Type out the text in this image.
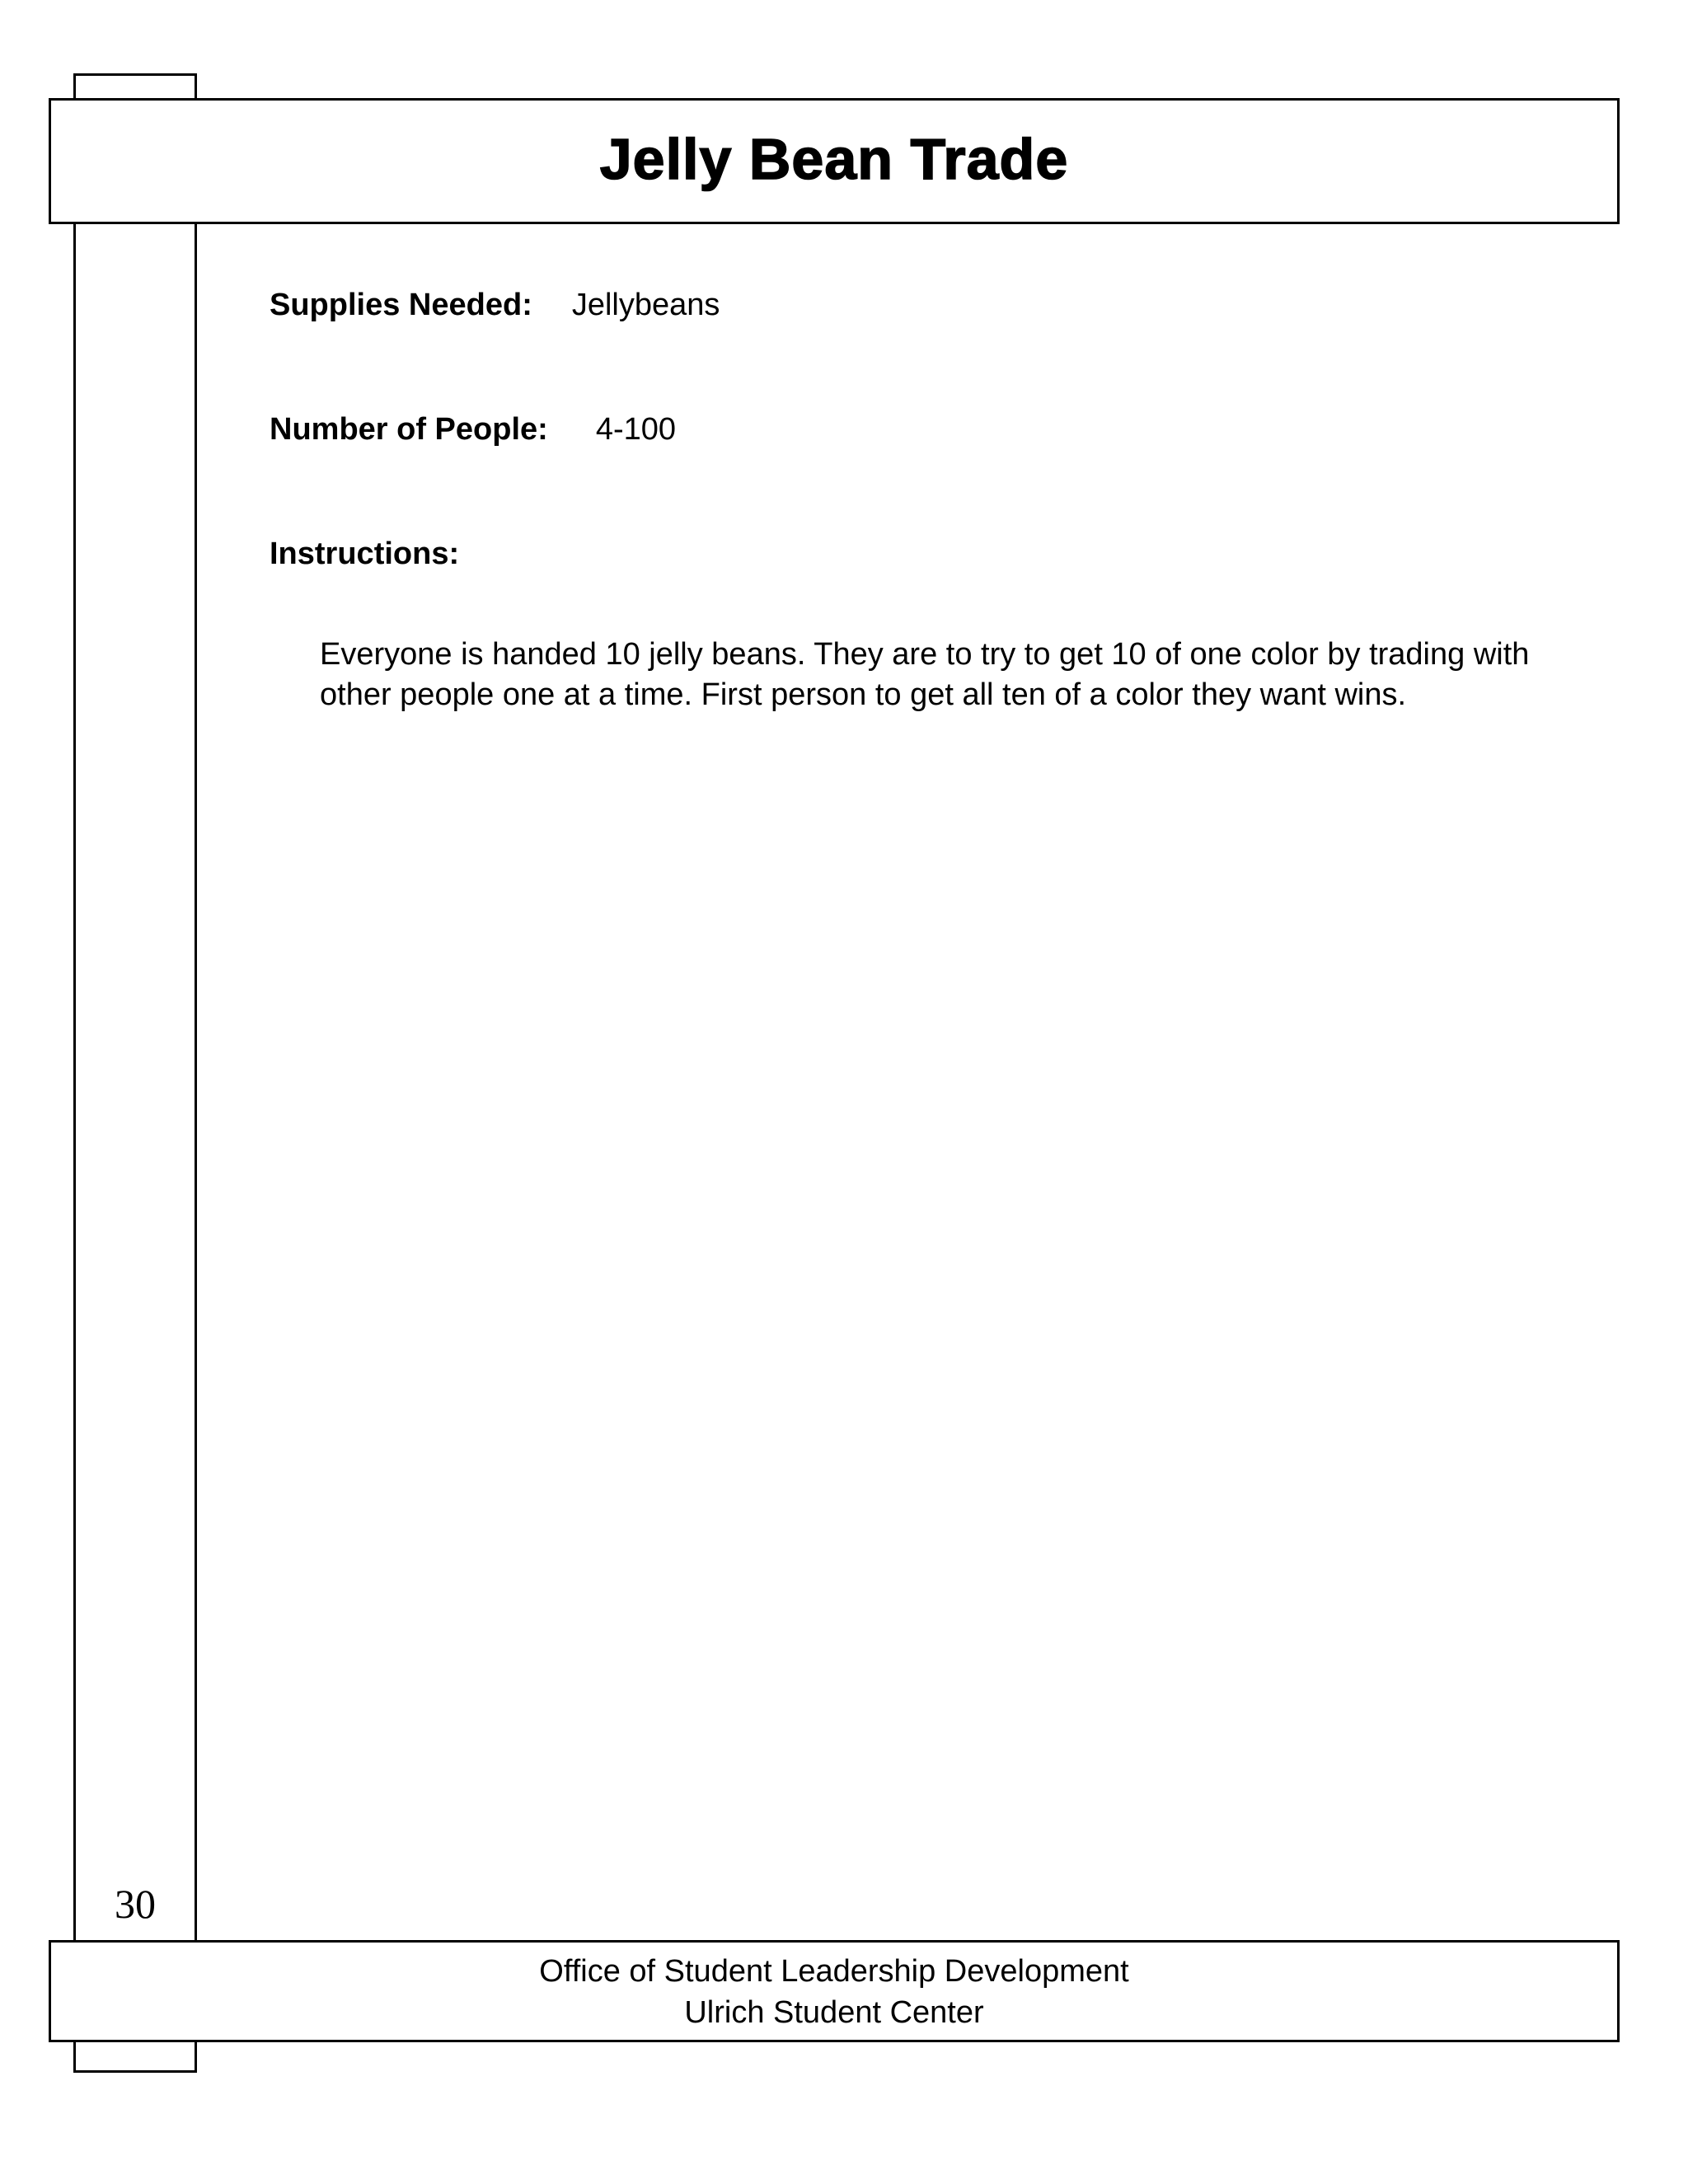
Jelly Bean Trade
Supplies Needed: Jellybeans
Number of People: 4-100
Instructions:

Everyone is handed 10 jelly beans. They are to try to get 10 of one color by trading with other people one at a time. First person to get all ten of a color they want wins.

30
Office of Student Leadership Development
Ulrich Student Center
